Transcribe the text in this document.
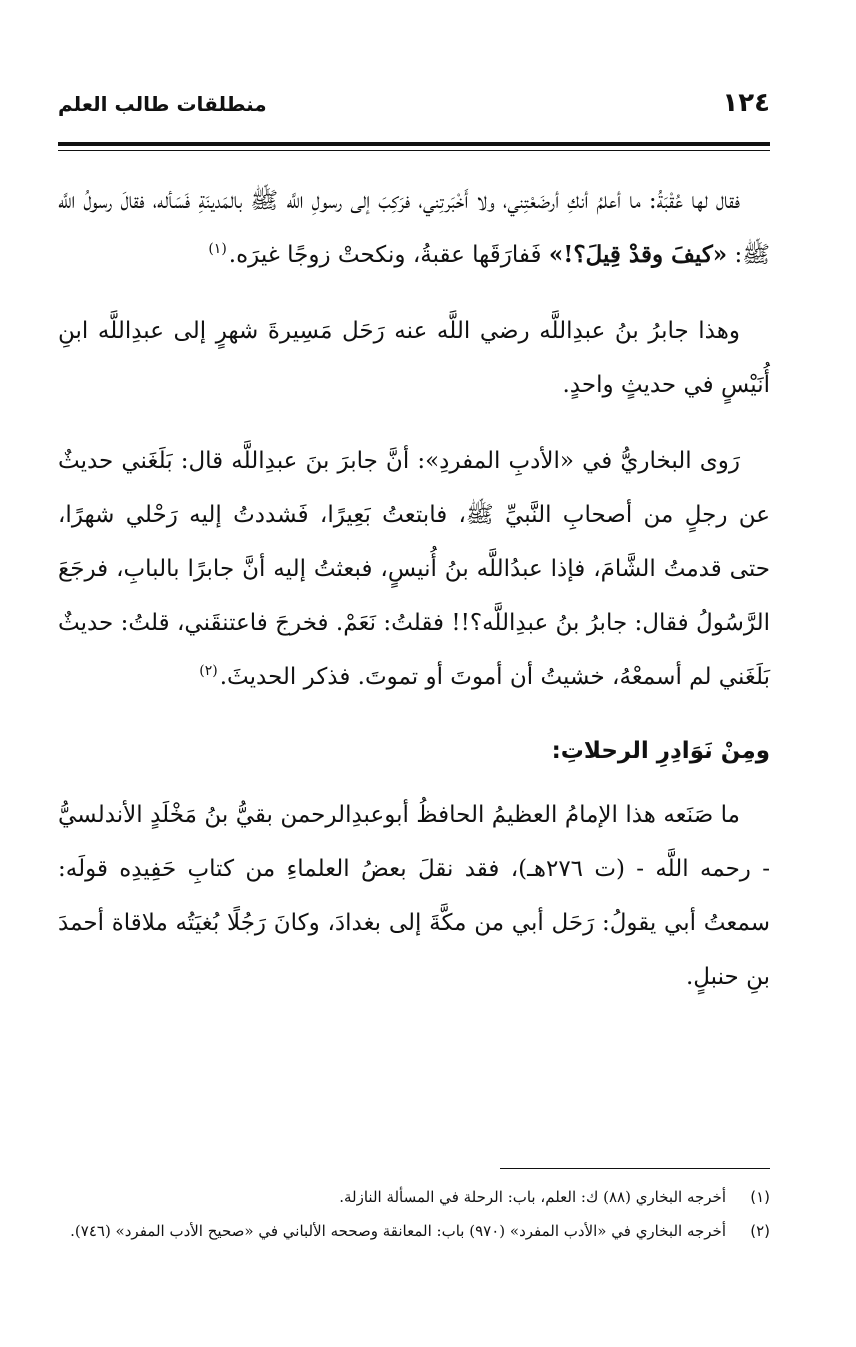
١٢٤
منطلقات طالب العلم

فقال لها عُقْبَةُ: ما أعلمُ أنكِ أرضَعْتِني، ولا أَخْبَرتِني، فرَكِبَ إلى رسولِ اللَّه ﷺ بالمَدينَةِ فَسَأله، فقالَ رسولُ اللَّه ﷺ: «كيفَ وقدْ قِيلَ؟!» فَفارَقَها عقبةُ، ونكحتْ زوجًا غيرَه.$^{(١)}$

وهذا جابرُ بنُ عبدِاللَّه رضي اللَّه عنه رَحَل مَسِيرةَ شهرٍ إلى عبدِاللَّه ابنِ أُنَيْسٍ في حديثٍ واحدٍ.

رَوى البخاريُّ في «الأدبِ المفردِ»: أنَّ جابرَ بنَ عبدِاللَّه قال: بَلَغَني حديثٌ عن رجلٍ من أصحابِ النَّبيِّ ﷺ، فابتعتُ بَعِيرًا، فَشددتُ إليه رَحْلي شهرًا، حتى قدمتُ الشَّامَ، فإذا عبدُاللَّه بنُ أُنيسٍ، فبعثتُ إليه أنَّ جابرًا بالبابِ، فرجَعَ الرَّسُولُ فقال: جابرُ بنُ عبدِاللَّه؟!! فقلتُ: نَعَمْ. فخرجَ فاعتنقَني، قلتُ: حديثٌ بَلَغَني لم أسمعْهُ، خشيتُ أن أموتَ أو تموتَ. فذكر الحديثَ.$^{(٢)}$

ومِنْ نَوَادِرِ الرحلاتِ:

ما صَنَعه هذا الإمامُ العظيمُ الحافظُ أبوعبدِالرحمن بقيُّ بنُ مَخْلَدٍ الأندلسيُّ - رحمه اللَّه - (ت ٢٧٦هـ)، فقد نقلَ بعضُ العلماءِ من كتابِ حَفِيدِه قولَه: سمعتُ أبي يقولُ: رَحَل أبي من مكَّةَ إلى بغدادَ، وكانَ رَجُلًا بُغيَتُه ملاقاة أحمدَ بنِ حنبلٍ.

(١)
أخرجه البخاري (٨٨) ك: العلم، باب: الرحلة في المسألة النازلة.
(٢)
أخرجه البخاري في «الأدب المفرد» (٩٧٠) باب: المعانقة وصححه الألباني في «صحيح الأدب المفرد» (٧٤٦).
